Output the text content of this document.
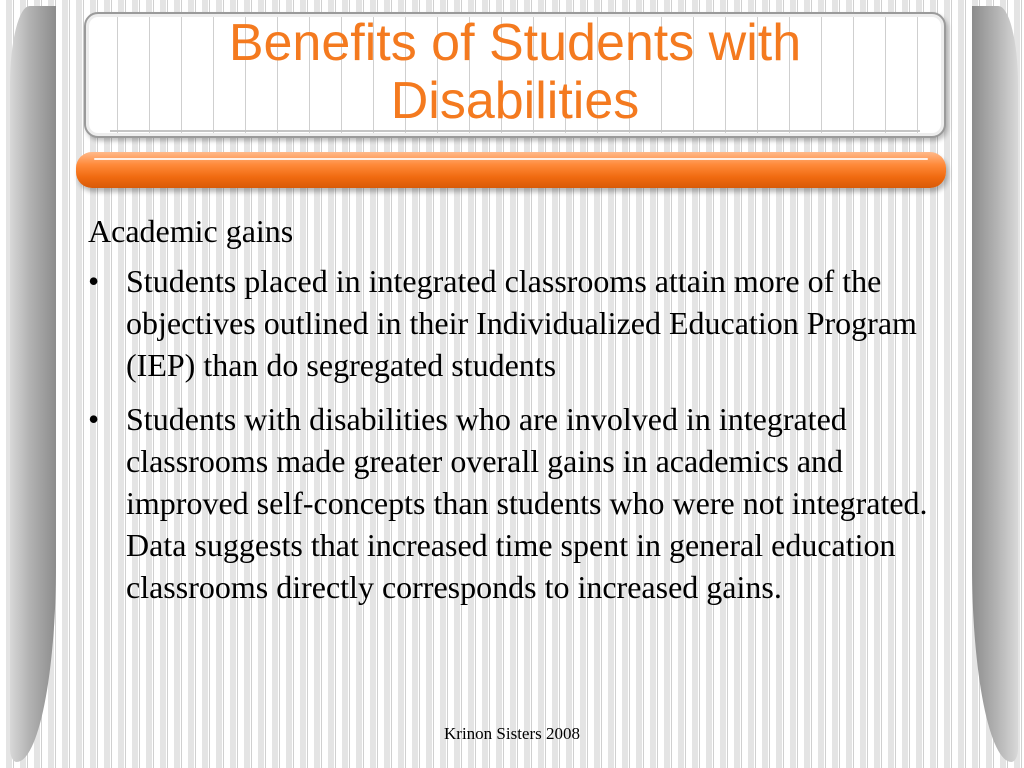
Benefits of Students with
Disabilities
Academic gains
• Students placed in integrated classrooms attain more of the objectives outlined in their Individualized Education Program (IEP) than do segregated students
• Students with disabilities who are involved in integrated classrooms made greater overall gains in academics and improved self-concepts than students who were not integrated. Data suggests that increased time spent in general education classrooms directly corresponds to increased gains.
Krinon Sisters 2008
